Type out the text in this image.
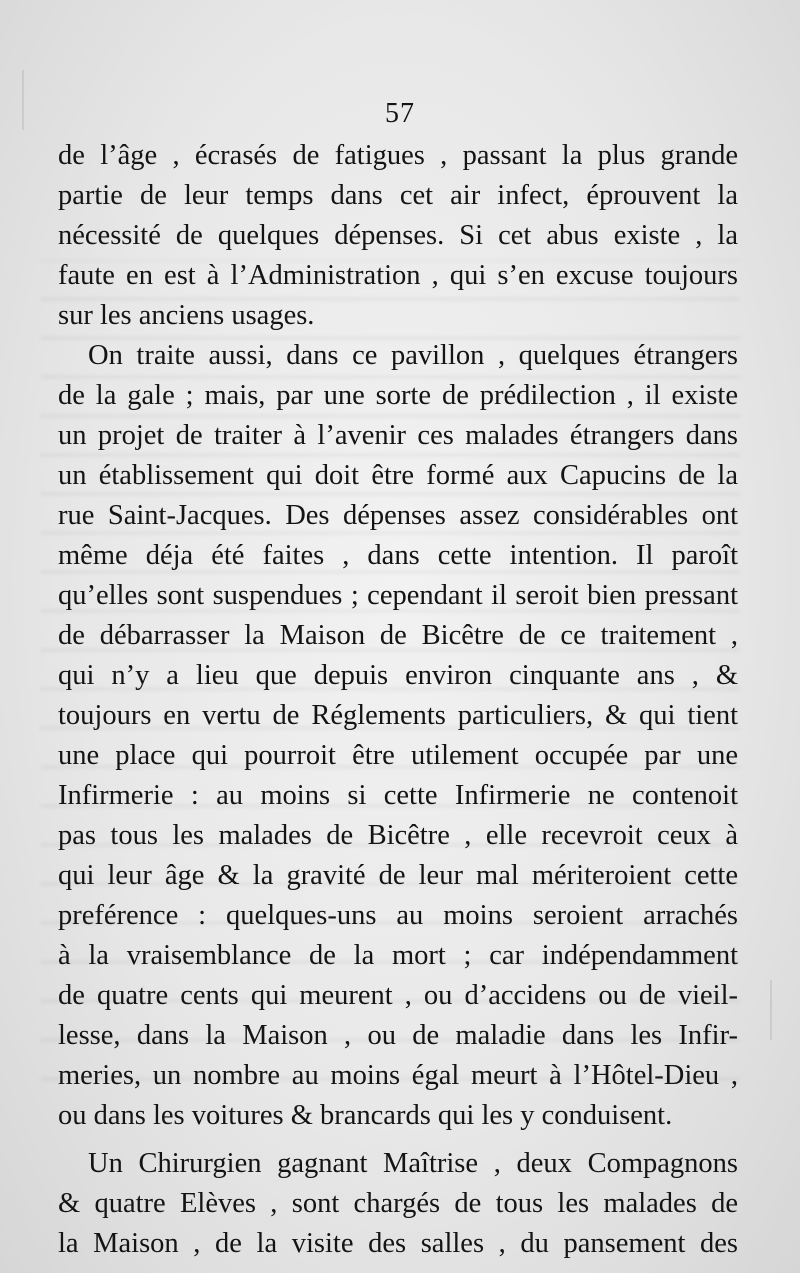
57
de l’âge , écrasés de fatigues , passant la plus grande
partie de leur temps dans cet air infect, éprouvent la
nécessité de quelques dépenses. Si cet abus existe , la
faute en est à l’Administration , qui s’en excuse toujours
sur les anciens usages.
On traite aussi, dans ce pavillon , quelques étrangers
de la gale ; mais, par une sorte de prédilection , il existe
un projet de traiter à l’avenir ces malades étrangers dans
un établissement qui doit être formé aux Capucins de la
rue Saint-Jacques. Des dépenses assez considérables ont
même déja été faites , dans cette intention. Il paroît
qu’elles sont suspendues ; cependant il seroit bien pressant
de débarrasser la Maison de Bicêtre de ce traitement ,
qui n’y a lieu que depuis environ cinquante ans , &
toujours en vertu de Réglements particuliers, & qui tient
une place qui pourroit être utilement occupée par une
Infirmerie : au moins si cette Infirmerie ne contenoit
pas tous les malades de Bicêtre , elle recevroit ceux à
qui leur âge & la gravité de leur mal mériteroient cette
preférence : quelques-uns au moins seroient arrachés
à la vraisemblance de la mort ; car indépendamment
de quatre cents qui meurent , ou d’accidens ou de vieil-
lesse, dans la Maison , ou de maladie dans les Infir-
meries, un nombre au moins égal meurt à l’Hôtel-Dieu ,
ou dans les voitures & brancards qui les y conduisent.
Un Chirurgien gagnant Maîtrise , deux Compagnons
& quatre Elèves , sont chargés de tous les malades de
la Maison , de la visite des salles , du pansement des
